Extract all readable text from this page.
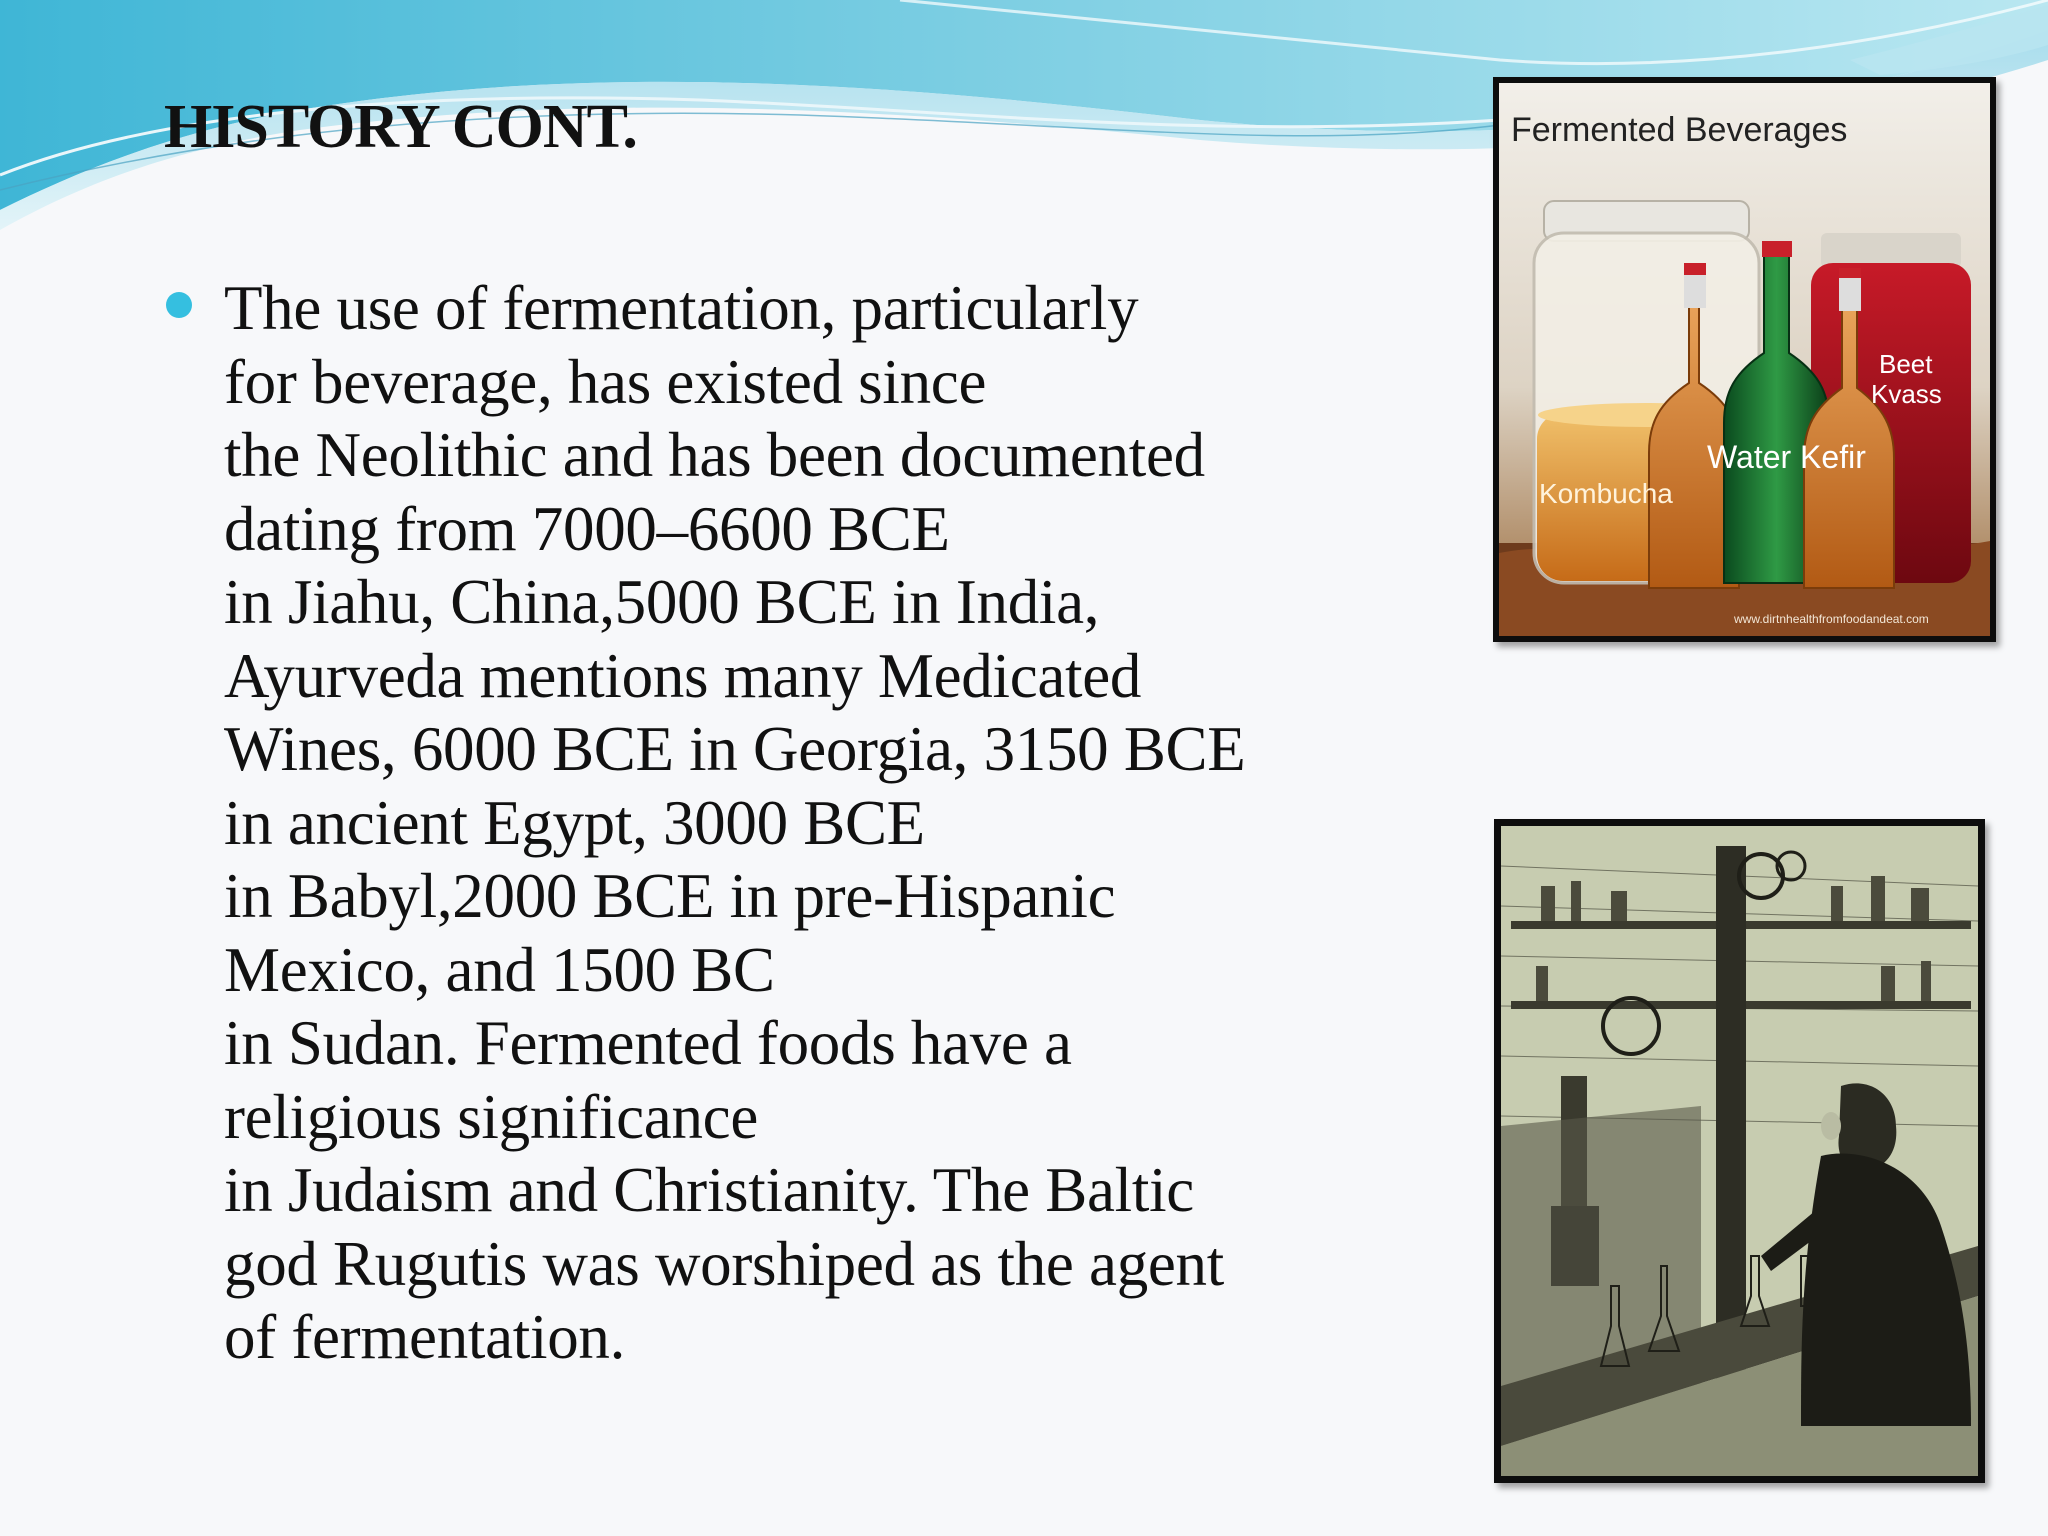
HISTORY CONT.

The use of fermentation, particularly
for beverage, has existed since
the Neolithic and has been documented
dating from 7000–6600 BCE
in Jiahu, China,5000 BCE in India,
Ayurveda mentions many Medicated
Wines, 6000 BCE in Georgia, 3150 BCE
in ancient Egypt, 3000 BCE
in Babyl,2000 BCE in pre-Hispanic
Mexico, and 1500 BC
in Sudan. Fermented foods have a
religious significance
in Judaism and Christianity. The Baltic
god Rugutis was worshiped as the agent
of fermentation.

Fermented Beverages
Kombucha
Water Kefir
Beet
Kvass
www.dirtnhealthfromfoodandeat.com
